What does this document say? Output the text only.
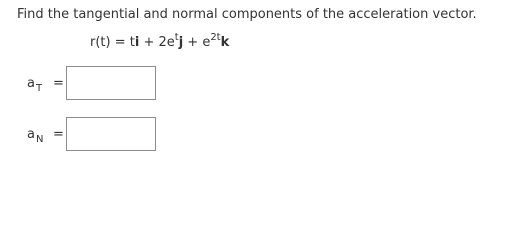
Find the tangential and normal components of the acceleration vector.
r(t) = ti + $2e^tj + e^{2t}k$
$a_T$ =
$a_N$ =
